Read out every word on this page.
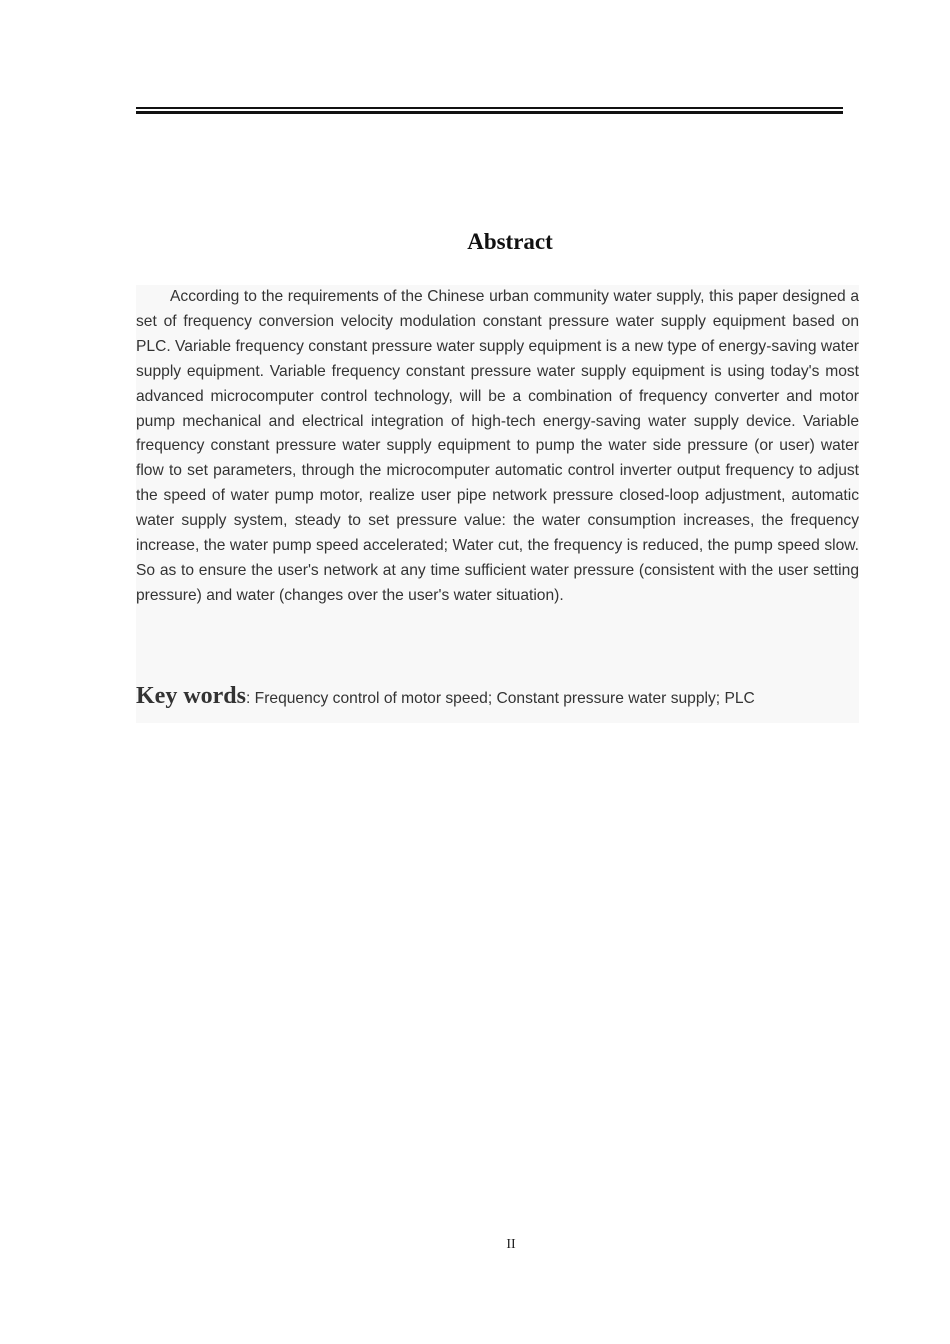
Abstract

According to the requirements of the Chinese urban community water supply, this paper designed a set of frequency conversion velocity modulation constant pressure water supply equipment based on PLC. Variable frequency constant pressure water supply equipment is a new type of energy-saving water supply equipment. Variable frequency constant pressure water supply equipment is using today's most advanced microcomputer control technology, will be a combination of frequency converter and motor pump mechanical and electrical integration of high-tech energy-saving water supply device. Variable frequency constant pressure water supply equipment to pump the water side pressure (or user) water flow to set parameters, through the microcomputer automatic control inverter output frequency to adjust the speed of water pump motor, realize user pipe network pressure closed-loop adjustment, automatic water supply system, steady to set pressure value: the water consumption increases, the frequency increase, the water pump speed accelerated; Water cut, the frequency is reduced, the pump speed slow. So as to ensure the user's network at any time sufficient water pressure (consistent with the user setting pressure) and water (changes over the user's water situation).

Key words: Frequency control of motor speed; Constant pressure water supply; PLC

II
